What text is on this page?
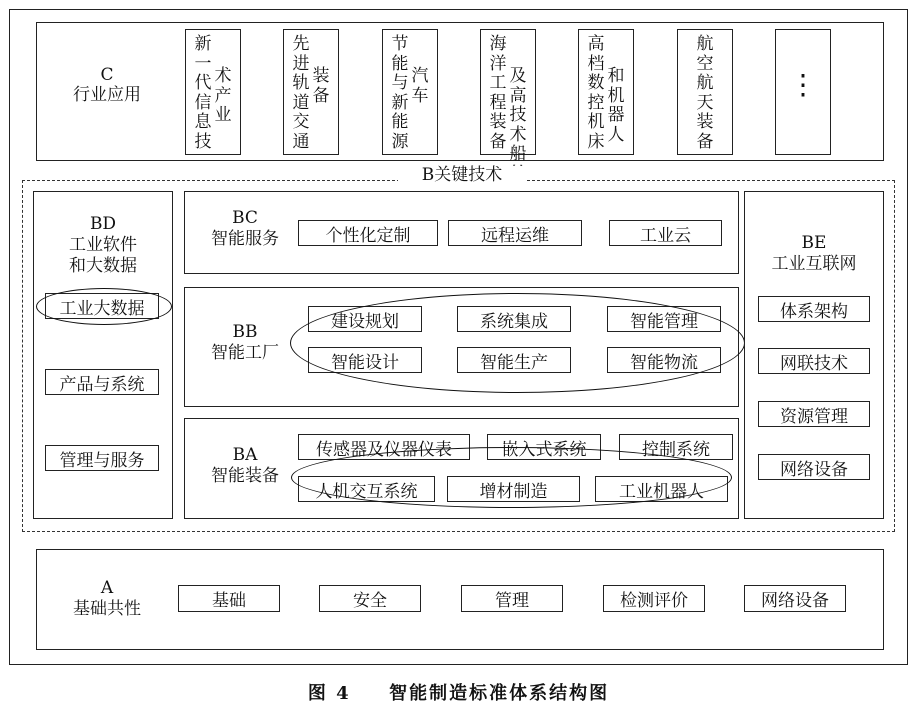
C
行业应用
新
一
代
信
息
技
术
产
业
先
进
轨
道
交
通
装
备
节
能
与
新
能
源
汽
车
海
洋
工
程
装
备
及
高
技
术
船
高
档
数
控
机
床
和
机
器
人
航
空
航
天
装
备
⋮
B关键技术
BD
工业软件
和大数据
工业大数据
产品与系统
管理与服务
BC
智能服务	个性化定制	远程运维	工业云
BB
智能工厂
建设规划	系统集成	智能管理
智能设计	智能生产	智能物流
BA
智能装备
传感器及仪器仪表	嵌入式系统	控制系统
人机交互系统	增材制造	工业机器人
BE
工业互联网
体系架构
网联技术
资源管理
网络设备
A
基础共性	基础	安全	管理	检测评价	网络设备
图 4 智能制造标准体系结构图
